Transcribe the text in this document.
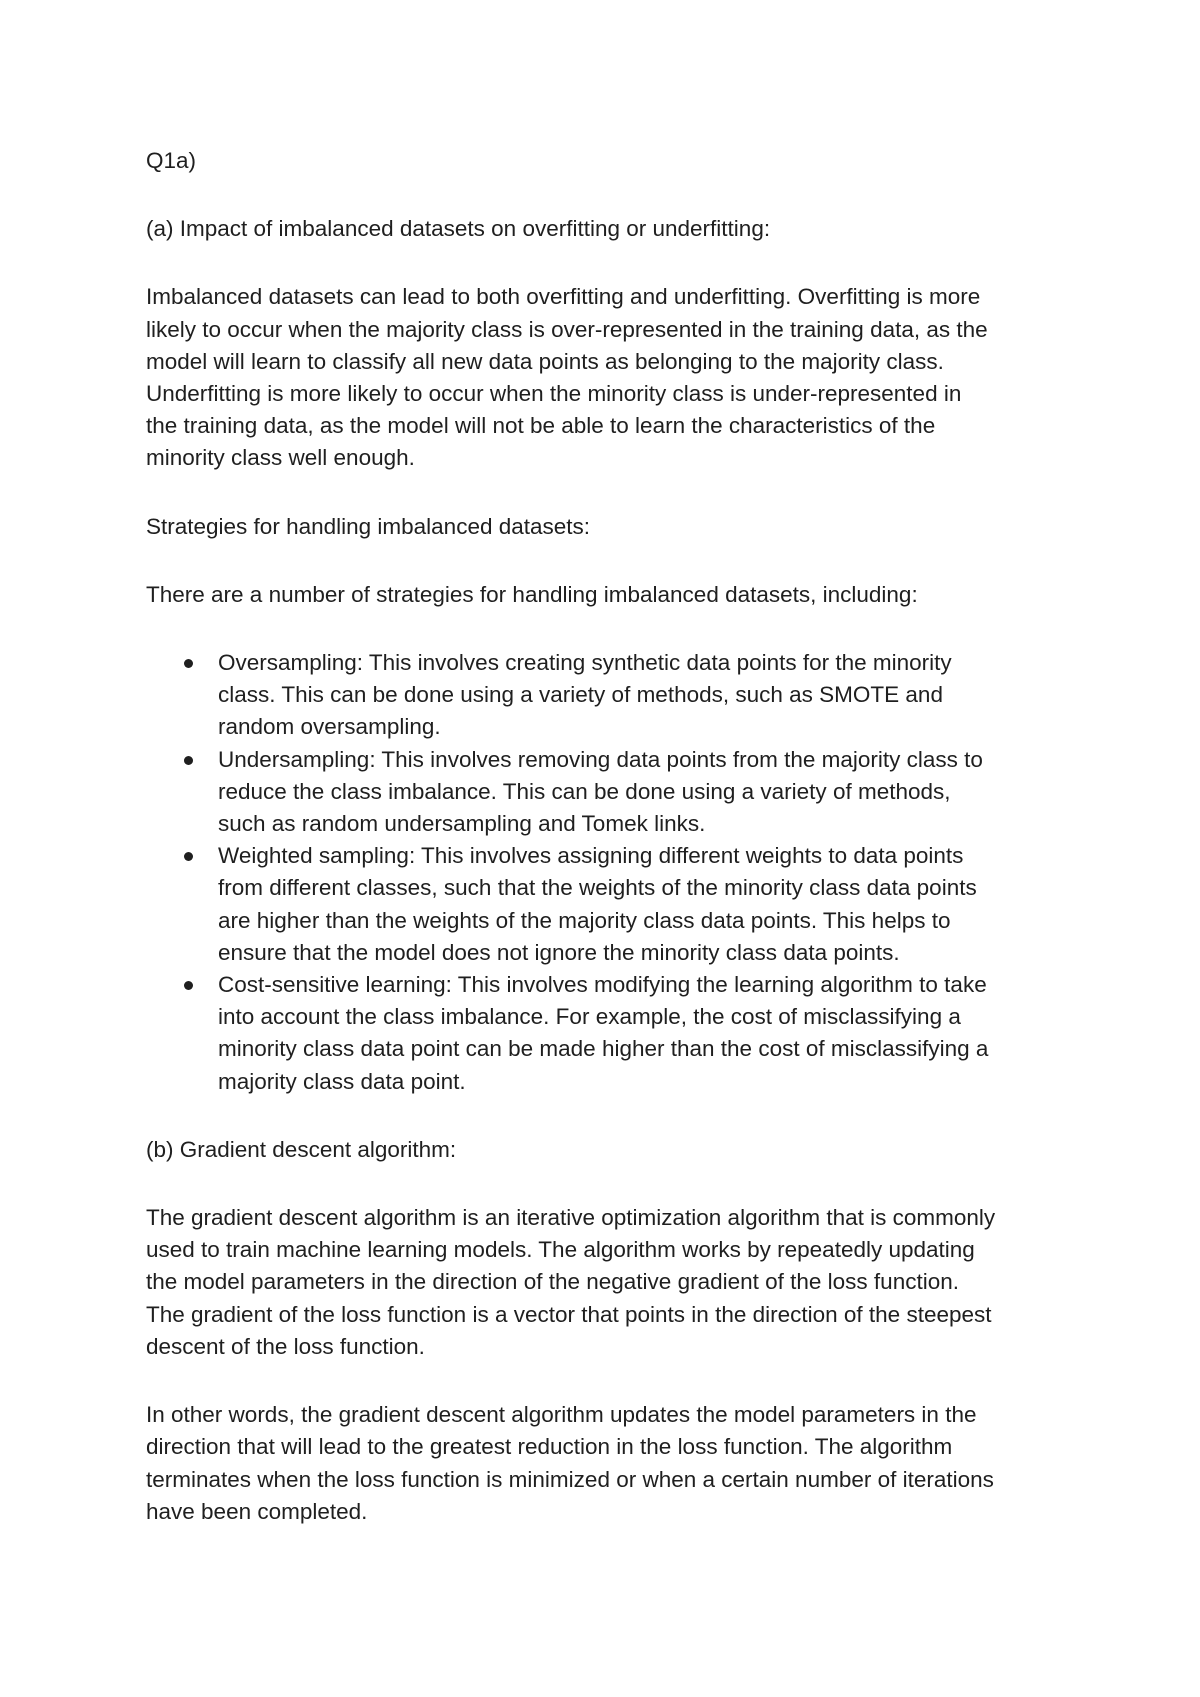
Q1a)

(a) Impact of imbalanced datasets on overfitting or underfitting:

Imbalanced datasets can lead to both overfitting and underfitting. Overfitting is more likely to occur when the majority class is over-represented in the training data, as the model will learn to classify all new data points as belonging to the majority class. Underfitting is more likely to occur when the minority class is under-represented in the training data, as the model will not be able to learn the characteristics of the minority class well enough.

Strategies for handling imbalanced datasets:

There are a number of strategies for handling imbalanced datasets, including:

Oversampling: This involves creating synthetic data points for the minority class. This can be done using a variety of methods, such as SMOTE and random oversampling.
Undersampling: This involves removing data points from the majority class to reduce the class imbalance. This can be done using a variety of methods, such as random undersampling and Tomek links.
Weighted sampling: This involves assigning different weights to data points from different classes, such that the weights of the minority class data points are higher than the weights of the majority class data points. This helps to ensure that the model does not ignore the minority class data points.
Cost-sensitive learning: This involves modifying the learning algorithm to take into account the class imbalance. For example, the cost of misclassifying a minority class data point can be made higher than the cost of misclassifying a majority class data point.

(b) Gradient descent algorithm:

The gradient descent algorithm is an iterative optimization algorithm that is commonly used to train machine learning models. The algorithm works by repeatedly updating the model parameters in the direction of the negative gradient of the loss function. The gradient of the loss function is a vector that points in the direction of the steepest descent of the loss function.

In other words, the gradient descent algorithm updates the model parameters in the direction that will lead to the greatest reduction in the loss function. The algorithm terminates when the loss function is minimized or when a certain number of iterations have been completed.
